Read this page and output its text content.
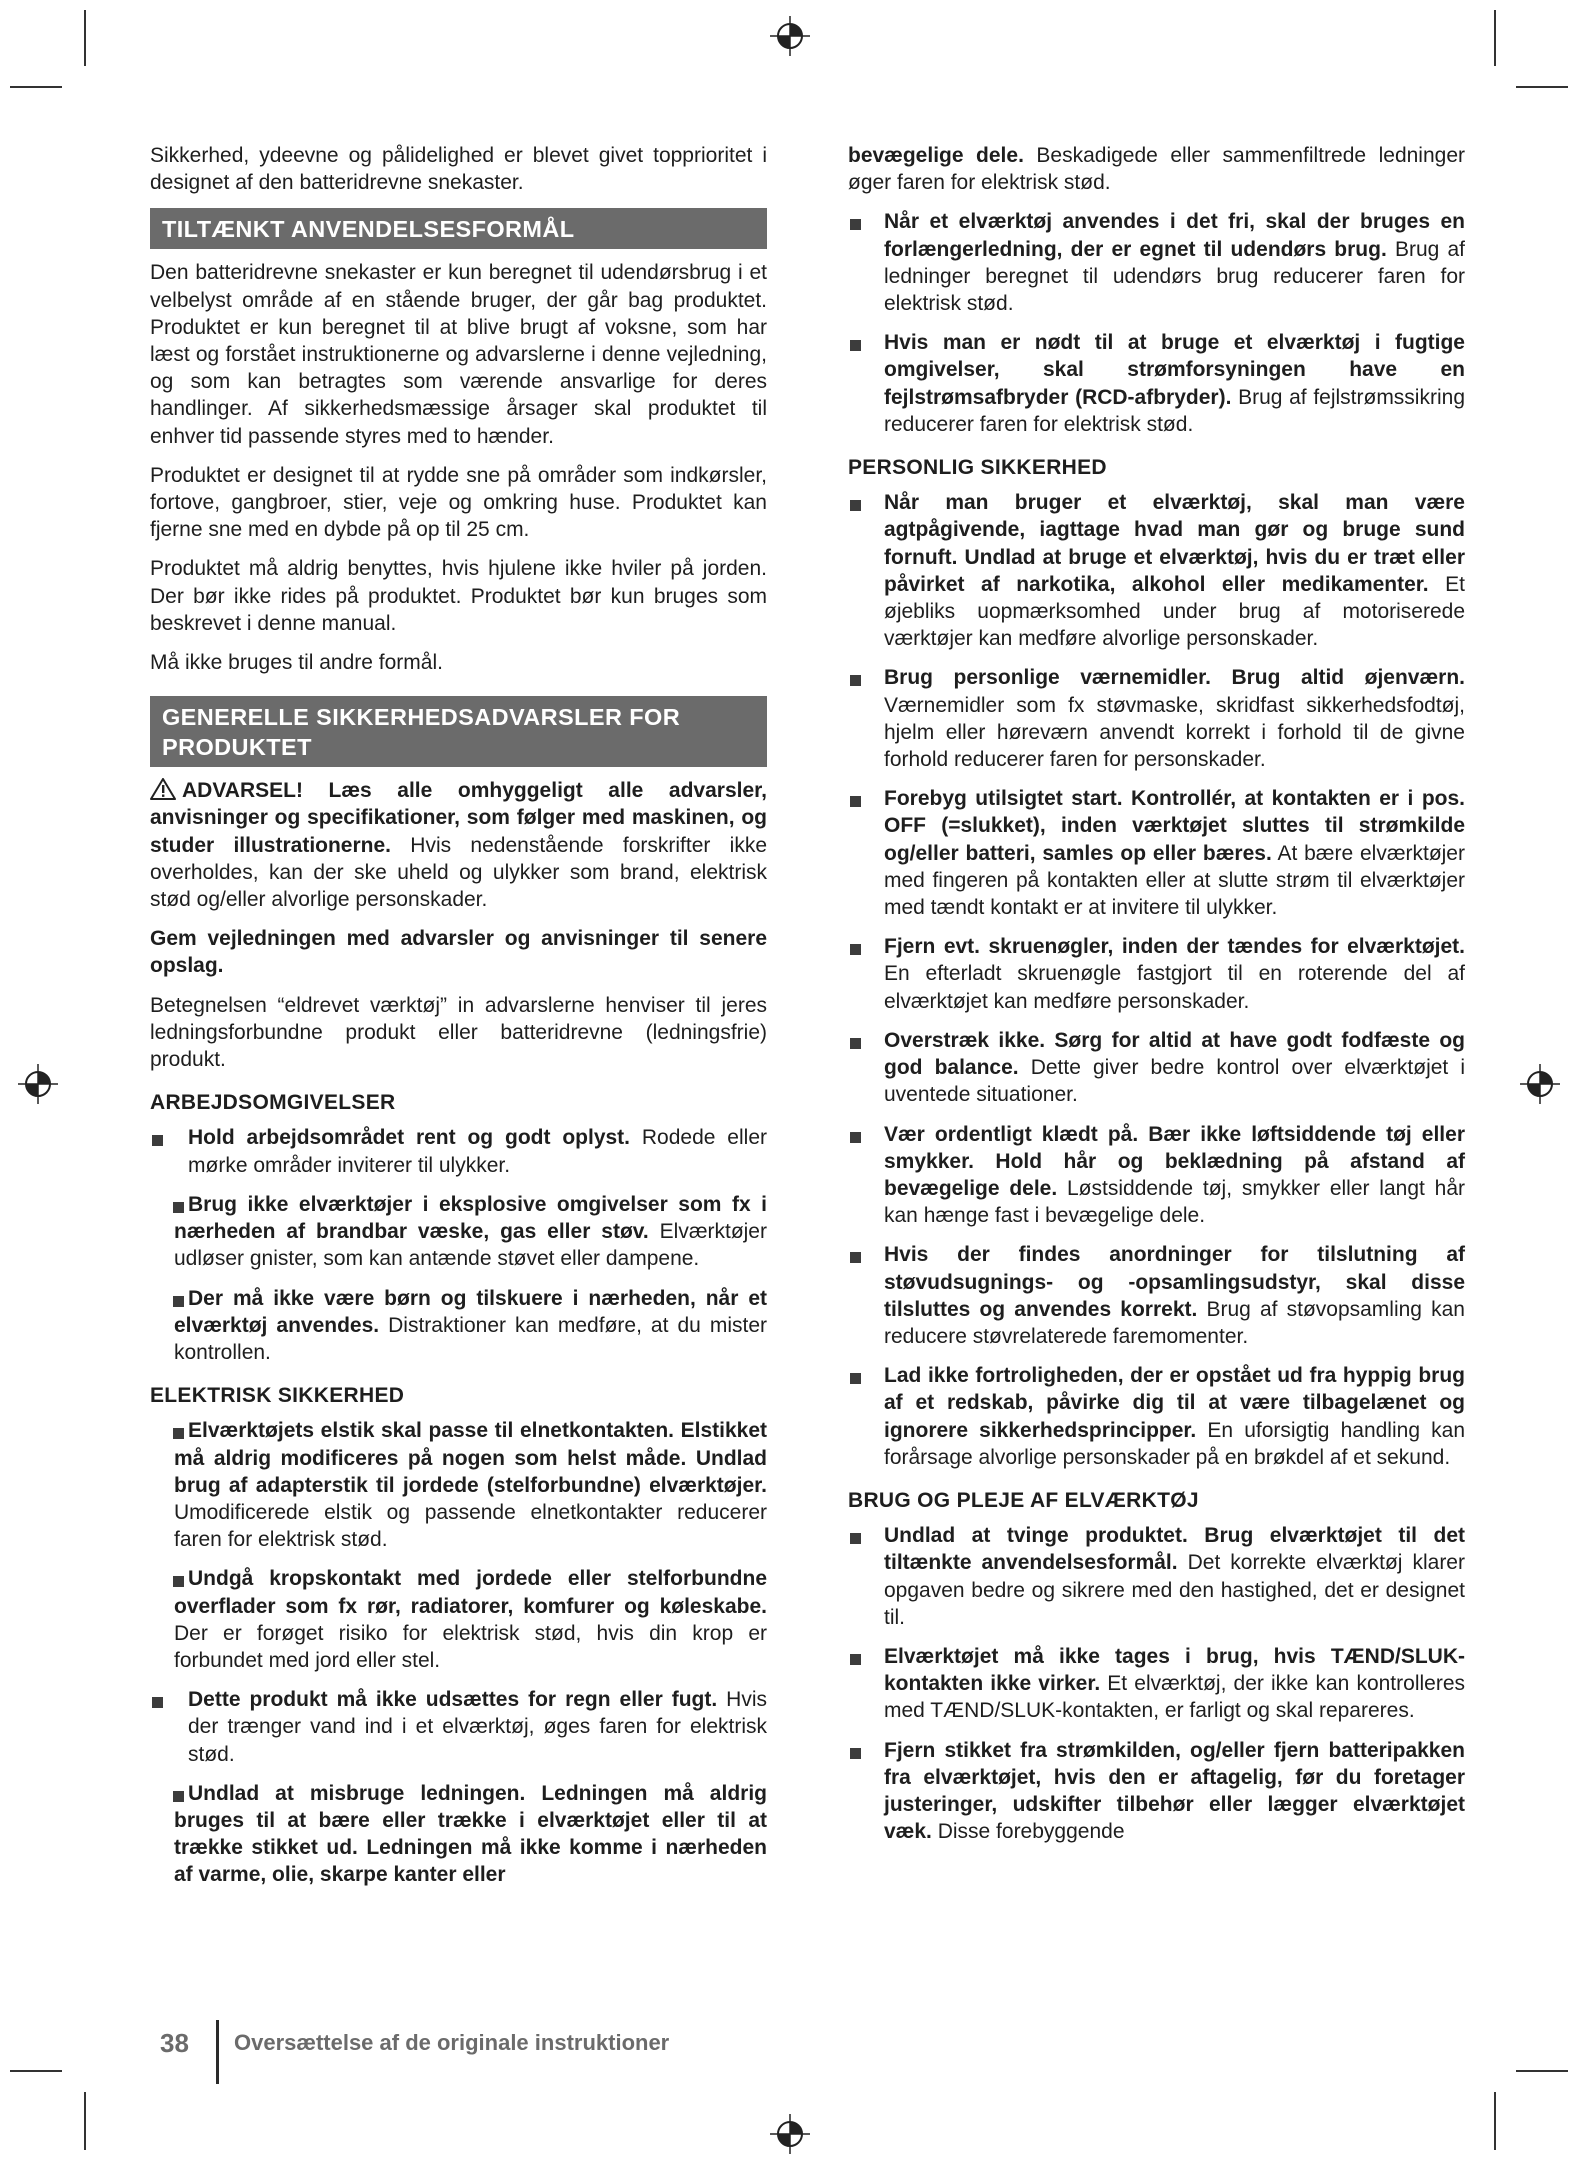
Sikkerhed, ydeevne og pålidelighed er blevet givet topprioritet i designet af den batteridrevne snekaster.

TILTÆNKT ANVENDELSESFORMÅL

Den batteridrevne snekaster er kun beregnet til udendørsbrug i et velbelyst område af en stående bruger, der går bag produktet. Produktet er kun beregnet til at blive brugt af voksne, som har læst og forstået instruktionerne og advarslerne i denne vejledning, og som kan betragtes som værende ansvarlige for deres handlinger. Af sikkerhedsmæssige årsager skal produktet til enhver tid passende styres med to hænder.

Produktet er designet til at rydde sne på områder som indkørsler, fortove, gangbroer, stier, veje og omkring huse. Produktet kan fjerne sne med en dybde på op til 25 cm.

Produktet må aldrig benyttes, hvis hjulene ikke hviler på jorden. Der bør ikke rides på produktet. Produktet bør kun bruges som beskrevet i denne manual.

Må ikke bruges til andre formål.

GENERELLE SIKKERHEDSADVARSLER FOR PRODUKTET

ADVARSEL! Læs alle omhyggeligt alle advarsler, anvisninger og specifikationer, som følger med maskinen, og studer illustrationerne. Hvis nedenstående forskrifter ikke overholdes, kan der ske uheld og ulykker som brand, elektrisk stød og/eller alvorlige personskader.

Gem vejledningen med advarsler og anvisninger til senere opslag.

Betegnelsen “eldrevet værktøj” in advarslerne henviser til jeres ledningsforbundne produkt eller batteridrevne (ledningsfrie) produkt.

ARBEJDSOMGIVELSER
Hold arbejdsområdet rent og godt oplyst. Rodede eller mørke områder inviterer til ulykker.
Brug ikke elværktøjer i eksplosive omgivelser som fx i nærheden af brandbar væske, gas eller støv. Elværktøjer udløser gnister, som kan antænde støvet eller dampene.
Der må ikke være børn og tilskuere i nærheden, når et elværktøj anvendes. Distraktioner kan medføre, at du mister kontrollen.
ELEKTRISK SIKKERHED
Elværktøjets elstik skal passe til elnetkontakten. Elstikket må aldrig modificeres på nogen som helst måde. Undlad brug af adapterstik til jordede (stelforbundne) elværktøjer. Umodificerede elstik og passende elnetkontakter reducerer faren for elektrisk stød.
Undgå kropskontakt med jordede eller stelforbundne overflader som fx rør, radiatorer, komfurer og køleskabe. Der er forøget risiko for elektrisk stød, hvis din krop er forbundet med jord eller stel.
Dette produkt må ikke udsættes for regn eller fugt. Hvis der trænger vand ind i et elværktøj, øges faren for elektrisk stød.
Undlad at misbruge ledningen. Ledningen må aldrig bruges til at bære eller trække i elværktøjet eller til at trække stikket ud. Ledningen må ikke komme i nærheden af varme, olie, skarpe kanter eller

bevægelige dele. Beskadigede eller sammenfiltrede ledninger øger faren for elektrisk stød.

Når et elværktøj anvendes i det fri, skal der bruges en forlængerledning, der er egnet til udendørs brug. Brug af ledninger beregnet til udendørs brug reducerer faren for elektrisk stød.
Hvis man er nødt til at bruge et elværktøj i fugtige omgivelser, skal strømforsyningen have en fejlstrømsafbryder (RCD-afbryder). Brug af fejlstrømssikring reducerer faren for elektrisk stød.
PERSONLIG SIKKERHED
Når man bruger et elværktøj, skal man være agtpågivende, iagttage hvad man gør og bruge sund fornuft. Undlad at bruge et elværktøj, hvis du er træt eller påvirket af narkotika, alkohol eller medikamenter. Et øjebliks uopmærksomhed under brug af motoriserede værktøjer kan medføre alvorlige personskader.
Brug personlige værnemidler. Brug altid øjenværn. Værnemidler som fx støvmaske, skridfast sikkerhedsfodtøj, hjelm eller høreværn anvendt korrekt i forhold til de givne forhold reducerer faren for personskader.
Forebyg utilsigtet start. Kontrollér, at kontakten er i pos. OFF (=slukket), inden værktøjet sluttes til strømkilde og/eller batteri, samles op eller bæres. At bære elværktøjer med fingeren på kontakten eller at slutte strøm til elværktøjer med tændt kontakt er at invitere til ulykker.
Fjern evt. skruenøgler, inden der tændes for elværktøjet. En efterladt skruenøgle fastgjort til en roterende del af elværktøjet kan medføre personskader.
Overstræk ikke. Sørg for altid at have godt fodfæste og god balance. Dette giver bedre kontrol over elværktøjet i uventede situationer.
Vær ordentligt klædt på. Bær ikke løftsiddende tøj eller smykker. Hold hår og beklædning på afstand af bevægelige dele. Løstsiddende tøj, smykker eller langt hår kan hænge fast i bevægelige dele.
Hvis der findes anordninger for tilslutning af støvudsugnings- og -opsamlingsudstyr, skal disse tilsluttes og anvendes korrekt. Brug af støvopsamling kan reducere støvrelaterede faremomenter.
Lad ikke fortroligheden, der er opstået ud fra hyppig brug af et redskab, påvirke dig til at være tilbagelænet og ignorere sikkerhedsprincipper. En uforsigtig handling kan forårsage alvorlige personskader på en brøkdel af et sekund.
BRUG OG PLEJE AF ELVÆRKTØJ
Undlad at tvinge produktet. Brug elværktøjet til det tiltænkte anvendelsesformål. Det korrekte elværktøj klarer opgaven bedre og sikrere med den hastighed, det er designet til.
Elværktøjet må ikke tages i brug, hvis TÆND/SLUK-kontakten ikke virker. Et elværktøj, der ikke kan kontrolleres med TÆND/SLUK-kontakten, er farligt og skal repareres.
Fjern stikket fra strømkilden, og/eller fjern batteripakken fra elværktøjet, hvis den er aftagelig, før du foretager justeringer, udskifter tilbehør eller lægger elværktøjet væk. Disse forebyggende
38 Oversættelse af de originale instruktioner
